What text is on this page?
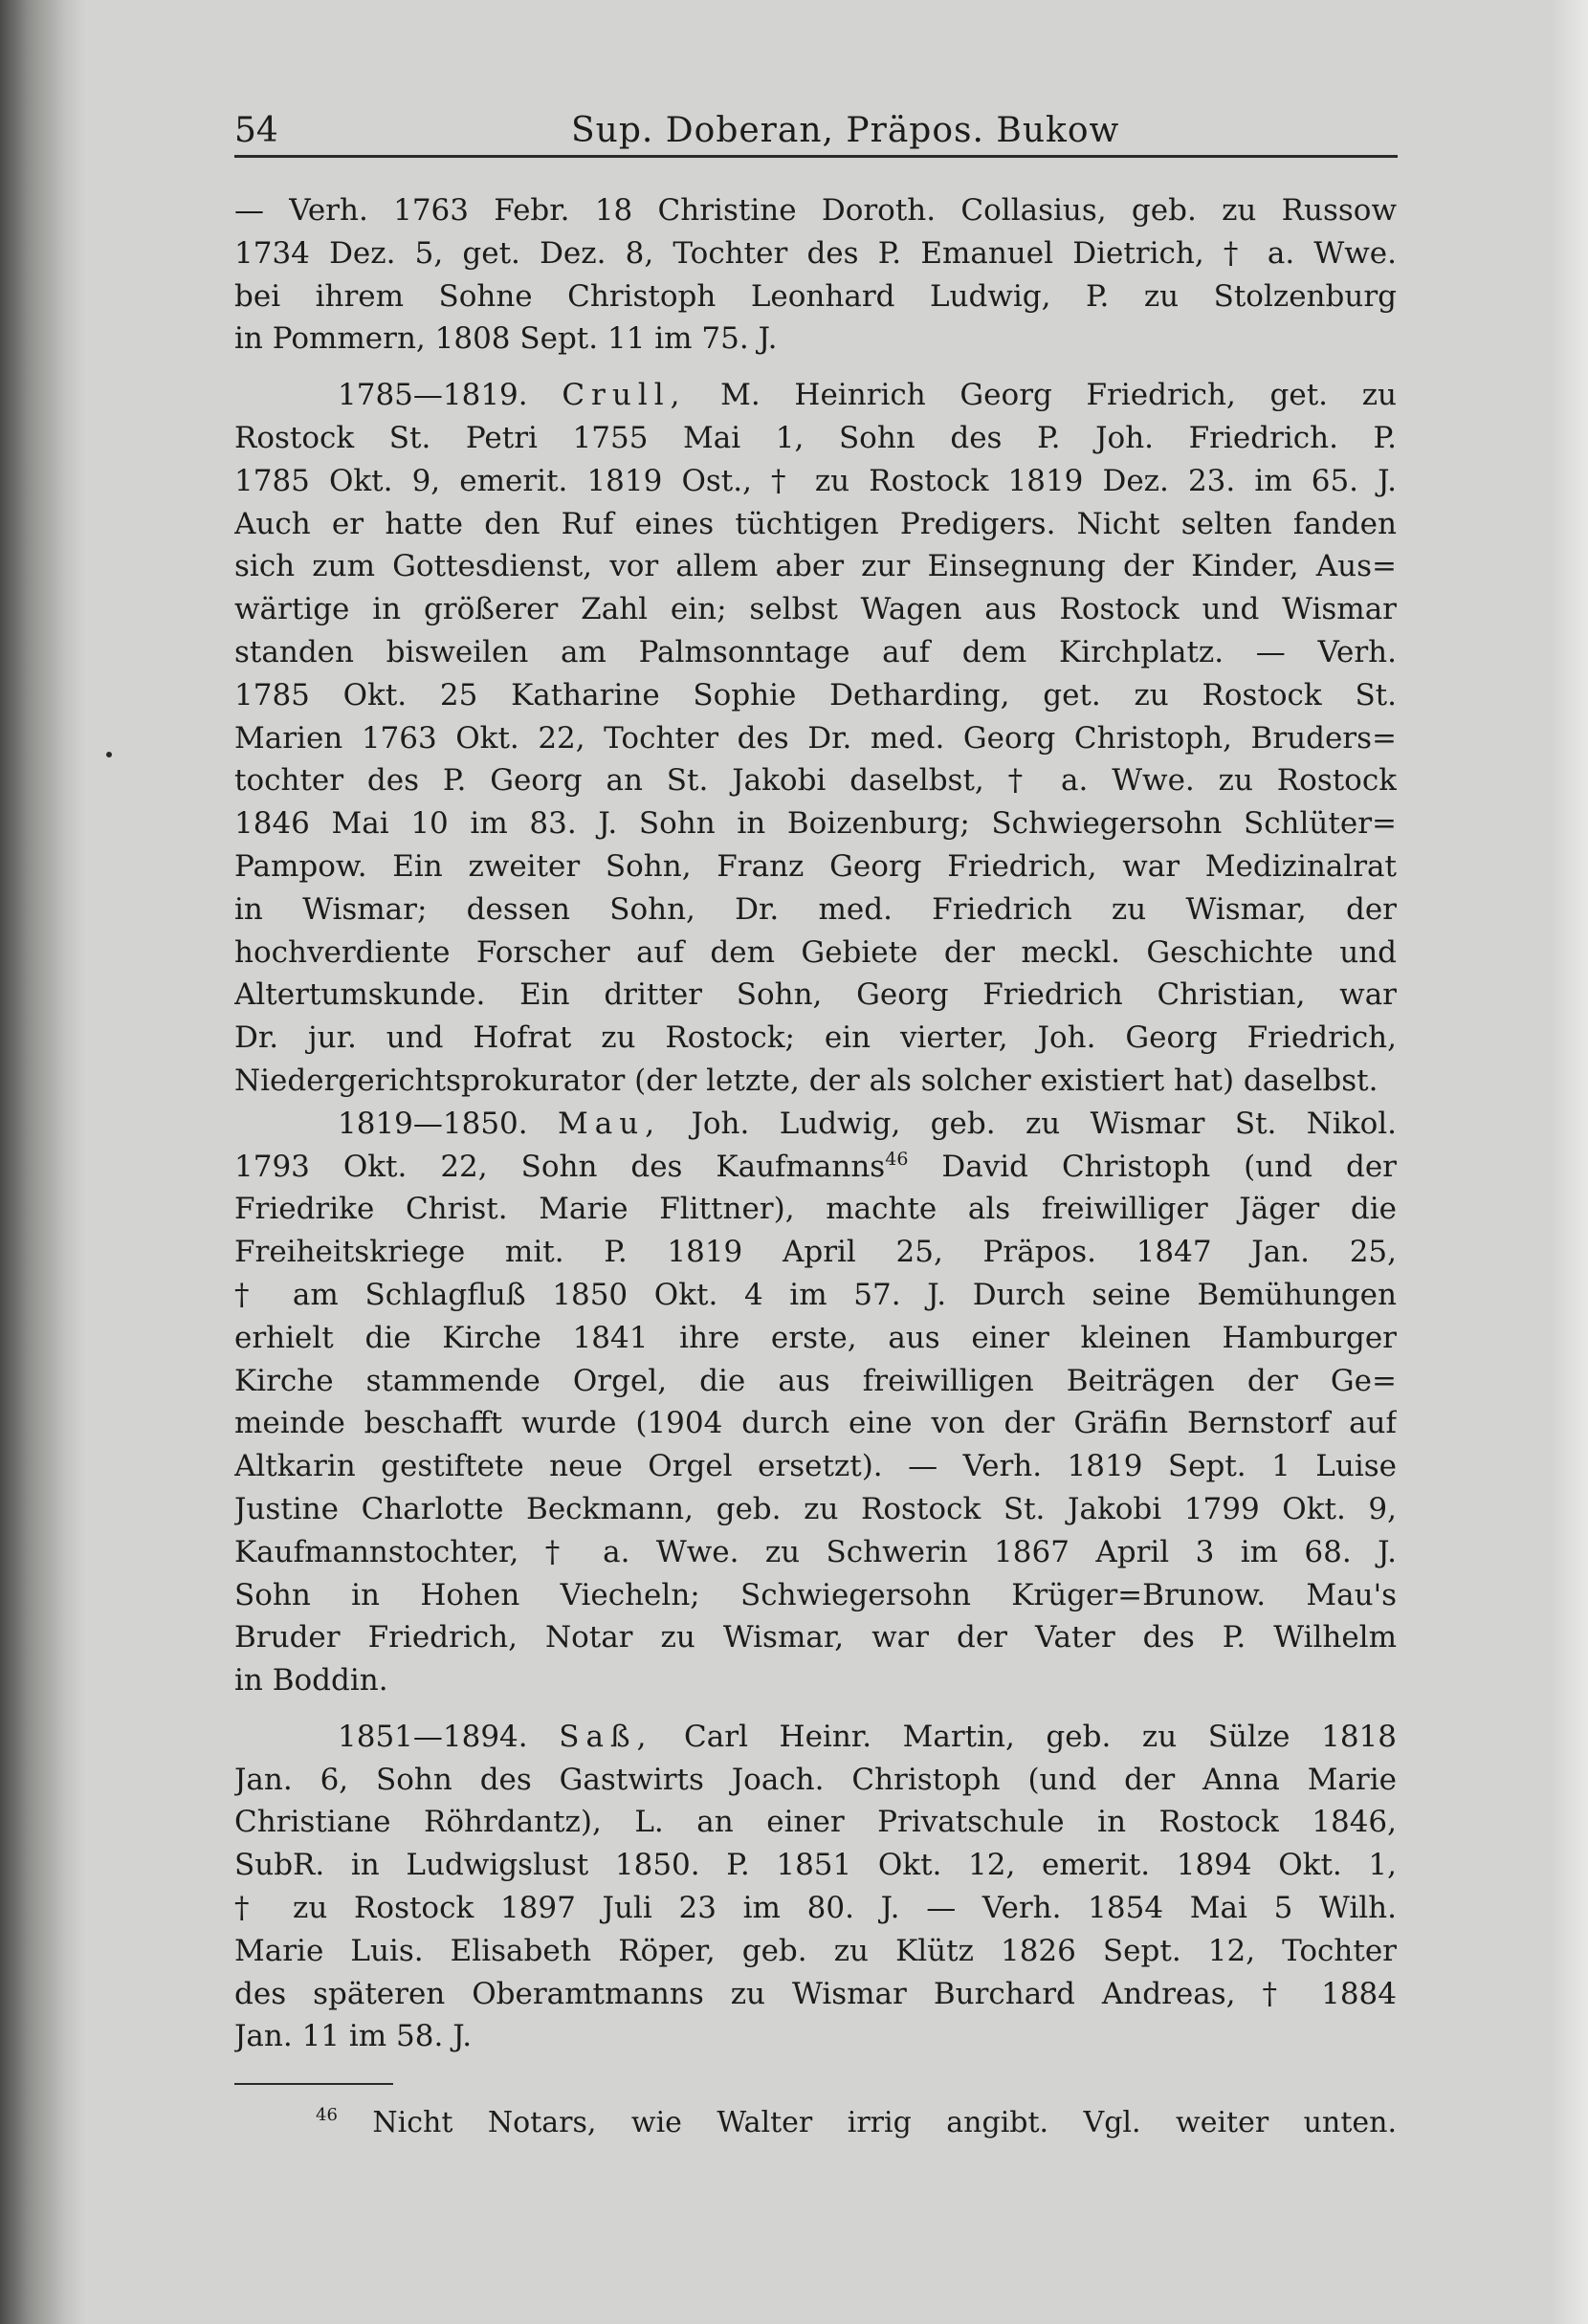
54	Sup. Doberan, Präpos. Bukow
— Verh. 1763 Febr. 18 Christine Doroth. Collasius, geb. zu Russow
1734 Dez. 5, get. Dez. 8, Tochter des P. Emanuel Dietrich, † a. Wwe.
bei ihrem Sohne Christoph Leonhard Ludwig, P. zu Stolzenburg
in Pommern, 1808 Sept. 11 im 75. J.
1785—1819. Crull, M. Heinrich Georg Friedrich, get. zu
Rostock St. Petri 1755 Mai 1, Sohn des P. Joh. Friedrich. P.
1785 Okt. 9, emerit. 1819 Ost., † zu Rostock 1819 Dez. 23. im 65. J.
Auch er hatte den Ruf eines tüchtigen Predigers. Nicht selten fanden
sich zum Gottesdienst, vor allem aber zur Einsegnung der Kinder, Aus=
wärtige in größerer Zahl ein; selbst Wagen aus Rostock und Wismar
standen bisweilen am Palmsonntage auf dem Kirchplatz. — Verh.
1785 Okt. 25 Katharine Sophie Detharding, get. zu Rostock St.
Marien 1763 Okt. 22, Tochter des Dr. med. Georg Christoph, Bruders=
tochter des P. Georg an St. Jakobi daselbst, † a. Wwe. zu Rostock
1846 Mai 10 im 83. J. Sohn in Boizenburg; Schwiegersohn Schlüter=
Pampow. Ein zweiter Sohn, Franz Georg Friedrich, war Medizinalrat
in Wismar; dessen Sohn, Dr. med. Friedrich zu Wismar, der
hochverdiente Forscher auf dem Gebiete der meckl. Geschichte und
Altertumskunde. Ein dritter Sohn, Georg Friedrich Christian, war
Dr. jur. und Hofrat zu Rostock; ein vierter, Joh. Georg Friedrich,
Niedergerichtsprokurator (der letzte, der als solcher existiert hat) daselbst.
1819—1850. Mau, Joh. Ludwig, geb. zu Wismar St. Nikol.
1793 Okt. 22, Sohn des Kaufmanns$^{46}$ David Christoph (und der
Friedrike Christ. Marie Flittner), machte als freiwilliger Jäger die
Freiheitskriege mit. P. 1819 April 25, Präpos. 1847 Jan. 25,
† am Schlagfluß 1850 Okt. 4 im 57. J. Durch seine Bemühungen
erhielt die Kirche 1841 ihre erste, aus einer kleinen Hamburger
Kirche stammende Orgel, die aus freiwilligen Beiträgen der Ge=
meinde beschafft wurde (1904 durch eine von der Gräfin Bernstorf auf
Altkarin gestiftete neue Orgel ersetzt). — Verh. 1819 Sept. 1 Luise
Justine Charlotte Beckmann, geb. zu Rostock St. Jakobi 1799 Okt. 9,
Kaufmannstochter, † a. Wwe. zu Schwerin 1867 April 3 im 68. J.
Sohn in Hohen Viecheln; Schwiegersohn Krüger=Brunow. Mau's
Bruder Friedrich, Notar zu Wismar, war der Vater des P. Wilhelm
in Boddin.
1851—1894. Saß, Carl Heinr. Martin, geb. zu Sülze 1818
Jan. 6, Sohn des Gastwirts Joach. Christoph (und der Anna Marie
Christiane Röhrdantz), L. an einer Privatschule in Rostock 1846,
SubR. in Ludwigslust 1850. P. 1851 Okt. 12, emerit. 1894 Okt. 1,
† zu Rostock 1897 Juli 23 im 80. J. — Verh. 1854 Mai 5 Wilh.
Marie Luis. Elisabeth Röper, geb. zu Klütz 1826 Sept. 12, Tochter
des späteren Oberamtmanns zu Wismar Burchard Andreas, † 1884
Jan. 11 im 58. J.
$^{46}$ Nicht Notars, wie Walter irrig angibt. Vgl. weiter unten.
